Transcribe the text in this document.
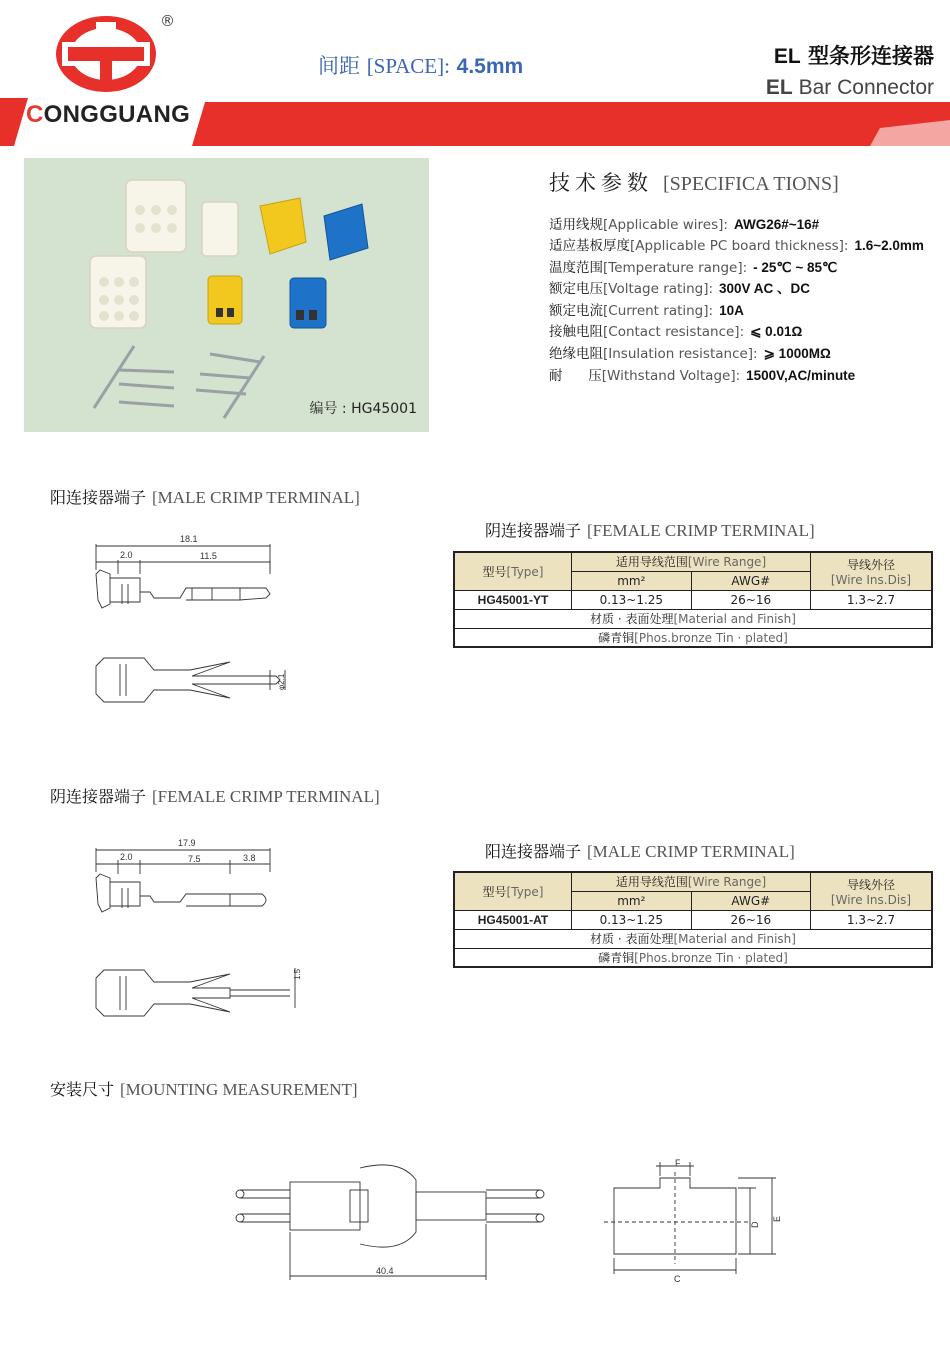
®
CONGGUANG
间距 [SPACE]: 4.5mm	EL 型条形连接器
EL Bar Connector
编号 : HG45001
技术参数 [SPECIFICA TIONS]
适用线规[Applicable wires]: AWG26#~16#
适应基板厚度[Applicable PC board thickness]: 1.6~2.0mm
温度范围[Temperature range]: - 25℃ ~ 85℃
额定电压[Voltage rating]: 300V AC 、DC
额定电流[Current rating]: 10A
接触电阻[Contact resistance]: ⩽ 0.01Ω
绝缘电阻[Insulation resistance]: ⩾ 1000MΩ
耐      压[Withstand Voltage]: 1500V,AC/minute
阳连接器端子 [MALE CRIMP TERMINAL]
18.1
2.0	11.5
φ2.1
阴连接器端子 [FEMALE CRIMP TERMINAL]
型号[Type]	适用导线范围[Wire Range]		导线外径
[Wire Ins.Dis]
	mm²	AWG#	
HG45001-YT	0.13~1.25	26~16	1.3~2.7
材质 · 表面处理[Material and Finish]			
磷青铜[Phos.bronze Tin · plated]			
阴连接器端子 [FEMALE CRIMP TERMINAL]
17.9
2.0	7.5	3.8
1.5
阳连接器端子 [MALE CRIMP TERMINAL]
型号[Type]	适用导线范围[Wire Range]		导线外径
[Wire Ins.Dis]
	mm²	AWG#	
HG45001-AT	0.13~1.25	26~16	1.3~2.7
材质 · 表面处理[Material and Finish]			
磷青铜[Phos.bronze Tin · plated]			
安装尺寸 [MOUNTING MEASUREMENT]
40.4
F
D
E
C
